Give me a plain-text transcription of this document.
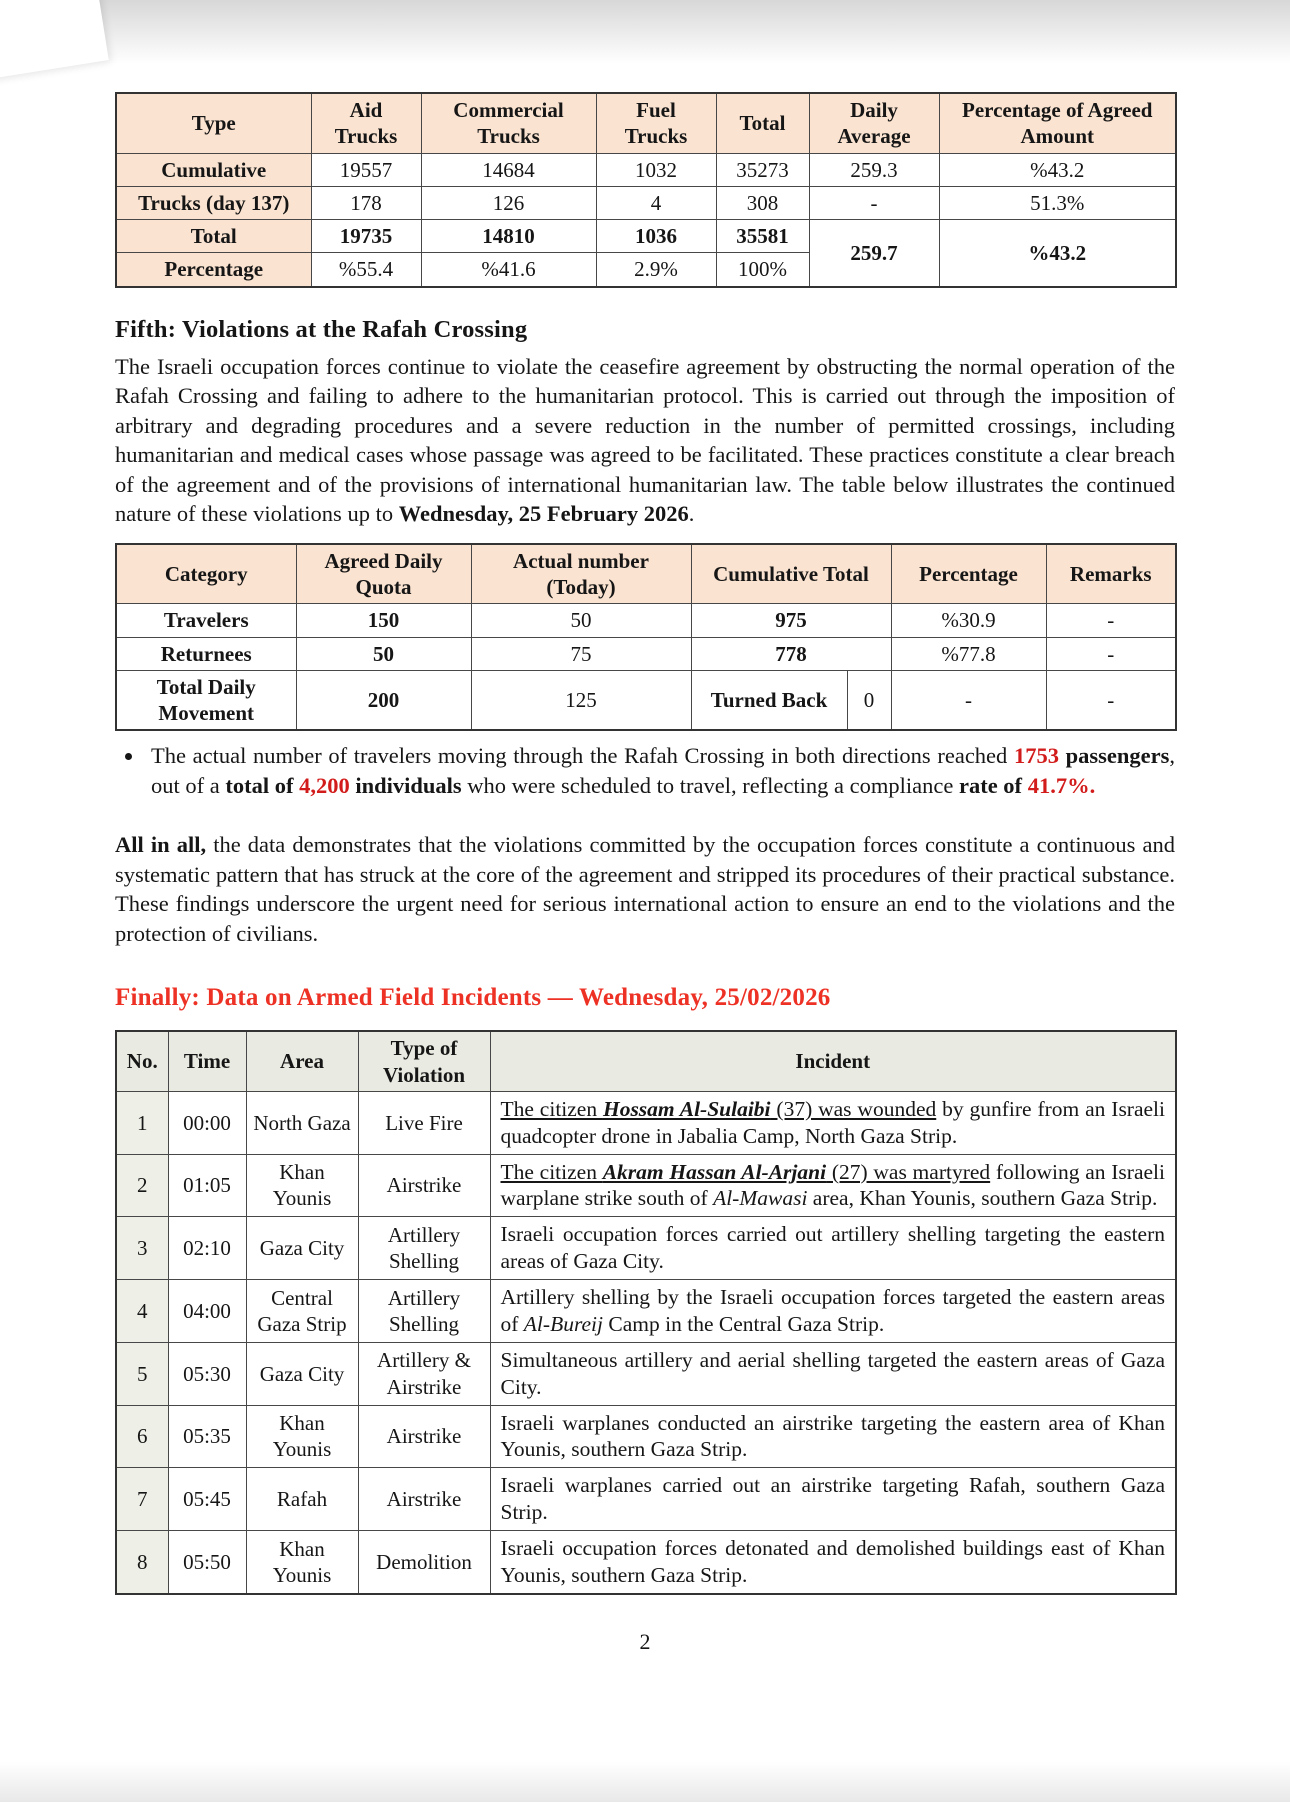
Type	Aid Trucks	Commercial Trucks	Fuel Trucks	Total	Daily Average	Percentage of Agreed Amount
Cumulative	19557	14684	1032	35273	259.3	%43.2
Trucks (day 137)	178	126	4	308	-	51.3%
Total	19735	14810	1036	35581	259.7	%43.2
Percentage	%55.4	%41.6	2.9%	100%		
Fifth: Violations at the Rafah Crossing

The Israeli occupation forces continue to violate the ceasefire agreement by obstructing the normal operation of the Rafah Crossing and failing to adhere to the humanitarian protocol. This is carried out through the imposition of arbitrary and degrading procedures and a severe reduction in the number of permitted crossings, including humanitarian and medical cases whose passage was agreed to be facilitated. These practices constitute a clear breach of the agreement and of the provisions of international humanitarian law. The table below illustrates the continued nature of these violations up to Wednesday, 25 February 2026.

Category	Agreed Daily Quota	Actual number (Today)	Cumulative Total		Percentage	Remarks
Travelers	150	50	975		%30.9	-
Returnees	50	75	778		%77.8	-
Total Daily Movement	200	125	Turned Back	0	-	-
• The actual number of travelers moving through the Rafah Crossing in both directions reached 1753 passengers, out of a total of 4,200 individuals who were scheduled to travel, reflecting a compliance rate of 41.7%.

All in all, the data demonstrates that the violations committed by the occupation forces constitute a continuous and systematic pattern that has struck at the core of the agreement and stripped its procedures of their practical substance. These findings underscore the urgent need for serious international action to ensure an end to the violations and the protection of civilians.

Finally: Data on Armed Field Incidents — Wednesday, 25/02/2026
No.	Time	Area	Type of Violation	Incident
1	00:00	North Gaza	Live Fire	The citizen Hossam Al-Sulaibi (37) was wounded by gunfire from an Israeli quadcopter drone in Jabalia Camp, North Gaza Strip.
2	01:05	Khan Younis	Airstrike	The citizen Akram Hassan Al-Arjani (27) was martyred following an Israeli warplane strike south of Al-Mawasi area, Khan Younis, southern Gaza Strip.
3	02:10	Gaza City	Artillery Shelling	Israeli occupation forces carried out artillery shelling targeting the eastern areas of Gaza City.
4	04:00	Central Gaza Strip	Artillery Shelling	Artillery shelling by the Israeli occupation forces targeted the eastern areas of Al-Bureij Camp in the Central Gaza Strip.
5	05:30	Gaza City	Artillery & Airstrike	Simultaneous artillery and aerial shelling targeted the eastern areas of Gaza City.
6	05:35	Khan Younis	Airstrike	Israeli warplanes conducted an airstrike targeting the eastern area of Khan Younis, southern Gaza Strip.
7	05:45	Rafah	Airstrike	Israeli warplanes carried out an airstrike targeting Rafah, southern Gaza Strip.
8	05:50	Khan Younis	Demolition	Israeli occupation forces detonated and demolished buildings east of Khan Younis, southern Gaza Strip.
2
